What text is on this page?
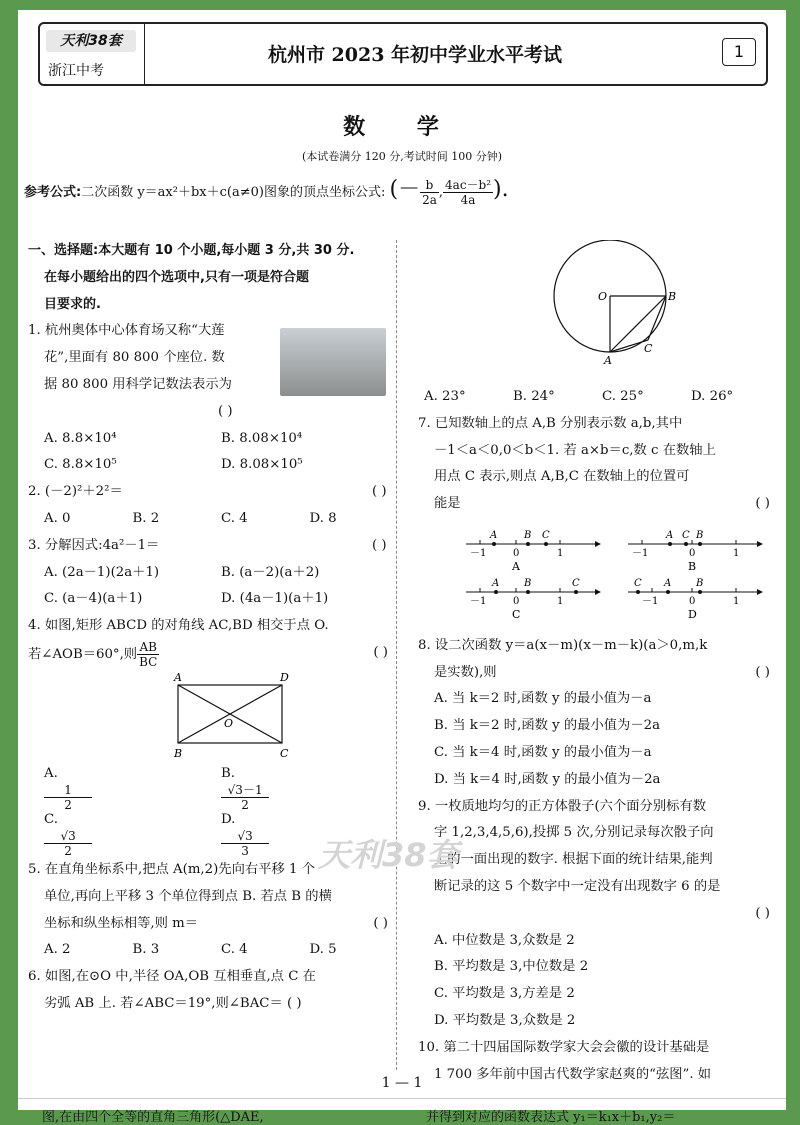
天利38套
浙江中考
杭州市 2023 年初中学业水平考试	1
数 学
(本试卷满分 120 分,考试时间 100 分钟)
参考公式:二次函数 y＝ax²＋bx＋c(a≠0)图象的顶点坐标公式: (－ $\frac{b}{2a}$ , $\frac{\text{4ac－b²}}{4a}$ ).

一、选择题:本大题有 10 个小题,每小题 3 分,共 30 分.

在每小题给出的四个选项中,只有一项是符合题

目要求的.

1. 杭州奥体中心体育场又称“大莲

花”,里面有 80 800 个座位. 数

据 80 800 用科学记数法表示为

( )

A. 8.8×10⁴	B. 8.08×10⁴
C. 8.8×10⁵	D. 8.08×10⁵

2. (－2)²＋2²＝	( )

A. 0	B. 2	C. 4	D. 8

3. 分解因式:4a²－1＝	( )

A. (2a－1)(2a＋1)	B. (a－2)(a＋2)
C. (a－4)(a＋1)	D. (4a－1)(a＋1)

4. 如图,矩形 ABCD 的对角线 AC,BD 相交于点 O.

若∠AOB＝60°,则 $\frac{AB}{BC}$	( )

A	D
B	C
O
A.
$\frac{1}{2}$
B.
$\frac{√3-1}{2}$
C.
$\frac{√3}{2}$
D.
$\frac{√3}{3}$

5. 在直角坐标系中,把点 A(m,2)先向右平移 1 个

单位,再向上平移 3 个单位得到点 B. 若点 B 的横

坐标和纵坐标相等,则 m＝	( )

A. 2	B. 3	C. 4	D. 5

6. 如图,在⊙O 中,半径 OA,OB 互相垂直,点 C 在

劣弧 AB 上. 若∠ABC＝19°,则∠BAC＝ ( )

O	B
A
C
A. 23°	B. 24°	C. 25°	D. 26°

7. 已知数轴上的点 A,B 分别表示数 a,b,其中

－1＜a＜0,0＜b＜1. 若 a×b＝c,数 c 在数轴上

用点 C 表示,则点 A,B,C 在数轴上的位置可

能是	( )

A	B C
－1	0	1
A
A C B
－1	0	1
B
A B	C
－1	0	1
C
C A B
－1	0	1
D

8. 设二次函数 y＝a(x－m)(x－m－k)(a＞0,m,k

是实数),则	( )

A. 当 k＝2 时,函数 y 的最小值为－a

B. 当 k＝2 时,函数 y 的最小值为－2a

C. 当 k＝4 时,函数 y 的最小值为－a

D. 当 k＝4 时,函数 y 的最小值为－2a

9. 一枚质地均匀的正方体骰子(六个面分别标有数

字 1,2,3,4,5,6),投掷 5 次,分别记录每次骰子向

上的一面出现的数字. 根据下面的统计结果,能判

断记录的这 5 个数字中一定没有出现数字 6 的是

( )

A. 中位数是 3,众数是 2

B. 平均数是 3,中位数是 2

C. 平均数是 3,方差是 2

D. 平均数是 3,众数是 2

10. 第二十四届国际数学家大会会徽的设计基础是

1 700 多年前中国古代数学家赵爽的“弦图”. 如

天利38套
1 — 1
图,在由四个全等的直角三角形(△DAE,	并得到对应的函数表达式 y₁＝k₁x＋b₁,y₂＝
